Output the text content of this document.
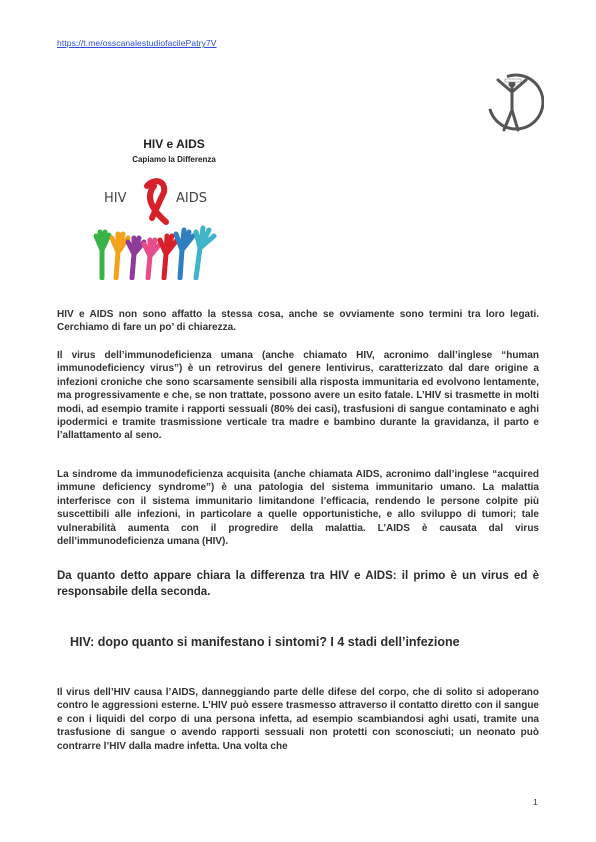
https://t.me/osscanalestudiofacilePatry7V
HIV e AIDS
Capiamo la Differenza
HIV	AIDS

HIV e AIDS non sono affatto la stessa cosa, anche se ovviamente sono termini tra loro legati. Cerchiamo di fare un po’ di chiarezza.

Il virus dell’immunodeficienza umana (anche chiamato HIV, acronimo dall’inglese “human immunodeficiency virus”) è un retrovirus del genere lentivirus, caratterizzato dal dare origine a infezioni croniche che sono scarsamente sensibili alla risposta immunitaria ed evolvono lentamente, ma progressivamente e che, se non trattate, possono avere un esito fatale. L’HIV si trasmette in molti modi, ad esempio tramite i rapporti sessuali (80% dei casi), trasfusioni di sangue contaminato e aghi ipodermici e tramite trasmissione verticale tra madre e bambino durante la gravidanza, il parto e l’allattamento al seno.

La sindrome da immunodeficienza acquisita (anche chiamata AIDS, acronimo dall’inglese “acquired immune deficiency syndrome”) è una patologia del sistema immunitario umano. La malattia interferisce con il sistema immunitario limitandone l’efficacia, rendendo le persone colpite più suscettibili alle infezioni, in particolare a quelle opportunistiche, e allo sviluppo di tumori; tale vulnerabilità aumenta con il progredire della malattia. L’AIDS è causata dal virus dell’immunodeficienza umana (HIV).

Da quanto detto appare chiara la differenza tra HIV e AIDS: il primo è un virus ed è responsabile della seconda.

HIV: dopo quanto si manifestano i sintomi? I 4 stadi dell’infezione

Il virus dell’HIV causa l’AIDS, danneggiando parte delle difese del corpo, che di solito si adoperano contro le aggressioni esterne. L’HIV può essere trasmesso attraverso il contatto diretto con il sangue e con i liquidi del corpo di una persona infetta, ad esempio scambiandosi aghi usati, tramite una trasfusione di sangue o avendo rapporti sessuali non protetti con sconosciuti; un neonato può contrarre l’HIV dalla madre infetta. Una volta che

1
